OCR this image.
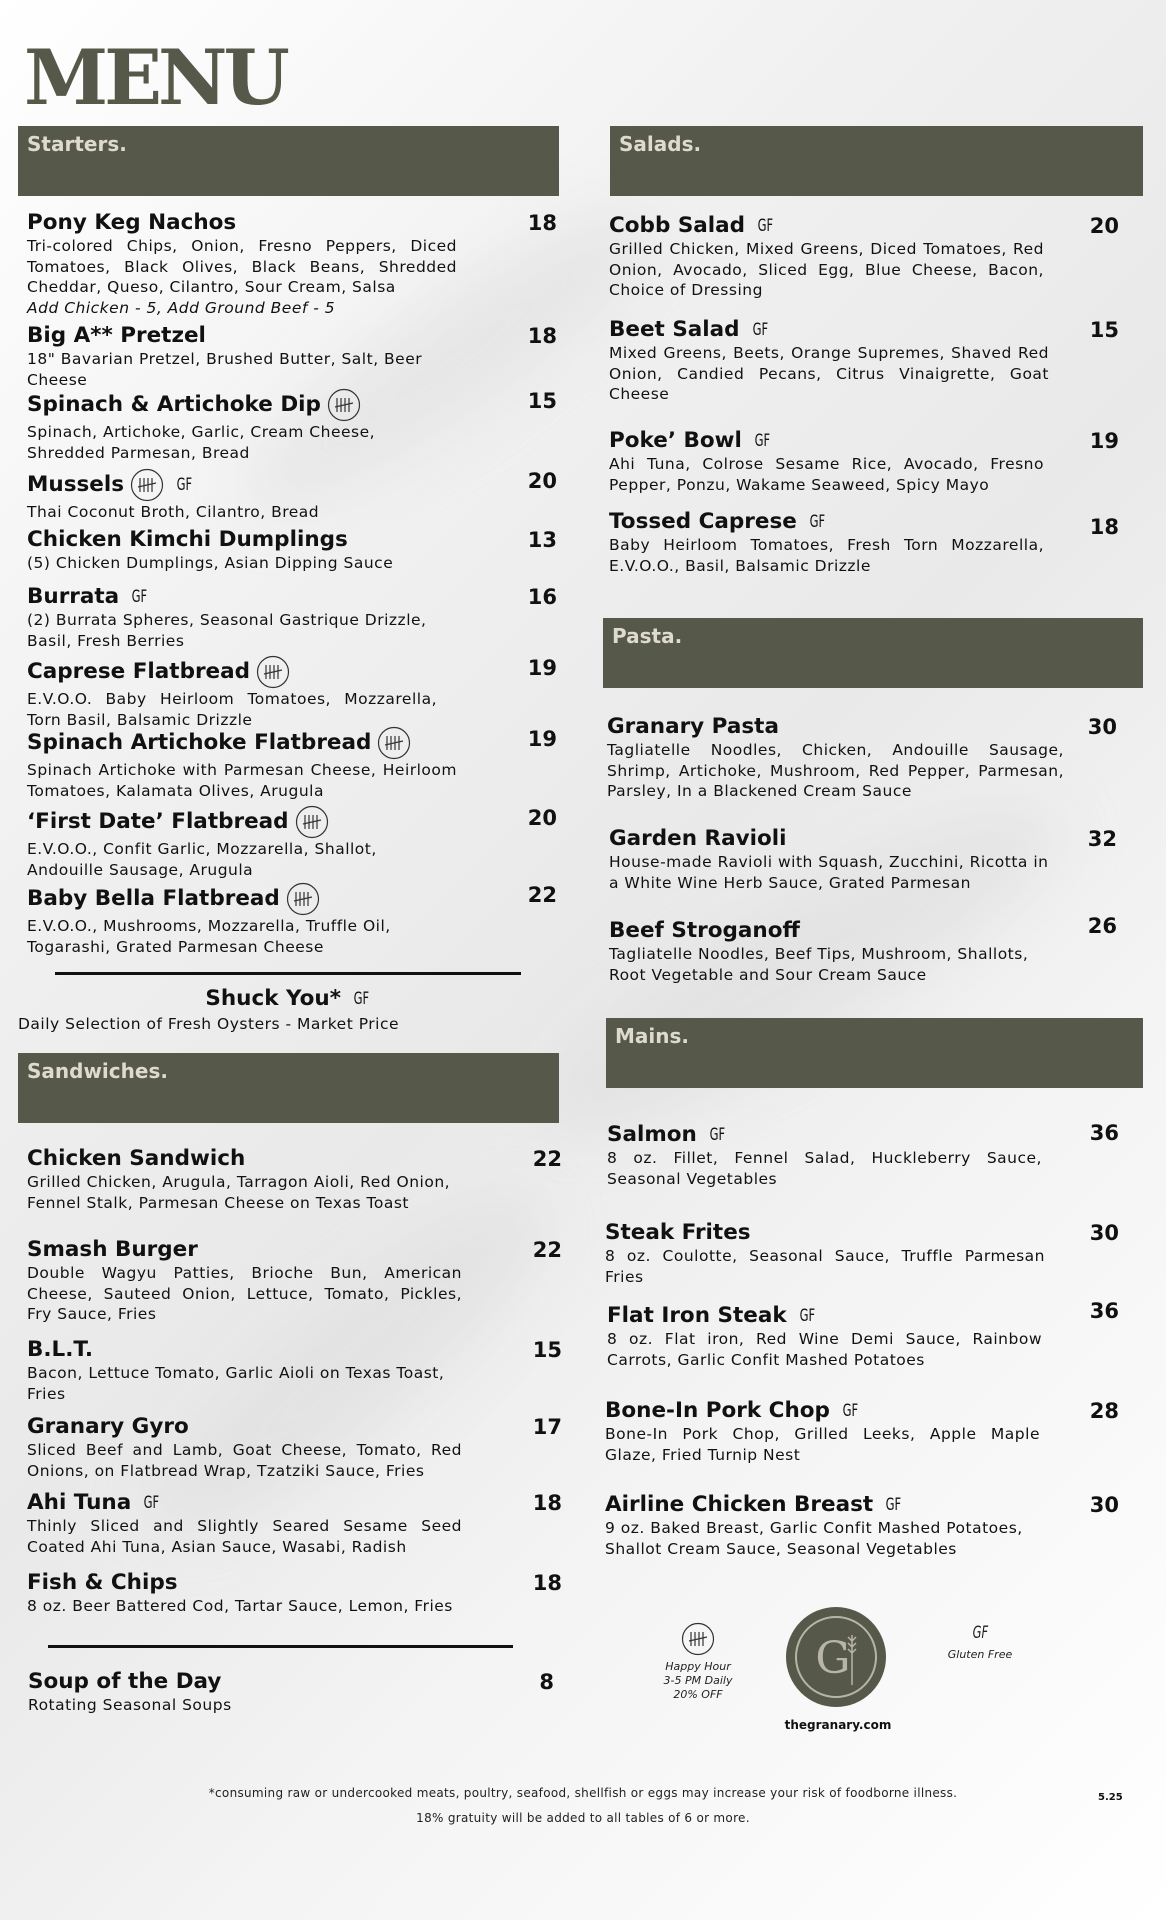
MENU
Starters.	Salads.
Pasta.
Mains.
Sandwiches.
Pony Keg Nachos	18
Tri-colored Chips, Onion, Fresno Peppers, Diced Tomatoes, Black Olives, Black Beans, Shredded Cheddar, Queso, Cilantro, Sour Cream, Salsa
Add Chicken - 5, Add Ground Beef - 5
Big A** Pretzel	18
18" Bavarian Pretzel, Brushed Butter, Salt, Beer Cheese
Spinach & Artichoke Dip	15
Spinach, Artichoke, Garlic, Cream Cheese, Shredded Parmesan, Bread
Mussels	GF	20
Thai Coconut Broth, Cilantro, Bread
Chicken Kimchi Dumplings	13
(5) Chicken Dumplings, Asian Dipping Sauce
Burrata GF	16
(2) Burrata Spheres, Seasonal Gastrique Drizzle, Basil, Fresh Berries
Caprese Flatbread	19
E.V.O.O. Baby Heirloom Tomatoes, Mozzarella, Torn Basil, Balsamic Drizzle
Spinach Artichoke Flatbread	19
Spinach Artichoke with Parmesan Cheese, Heirloom Tomatoes, Kalamata Olives, Arugula
‘First Date’ Flatbread	20
E.V.O.O., Confit Garlic, Mozzarella, Shallot, Andouille Sausage, Arugula
Baby Bella Flatbread	22
E.V.O.O., Mushrooms, Mozzarella, Truffle Oil, Togarashi, Grated Parmesan Cheese
Shuck You* GF
Daily Selection of Fresh Oysters - Market Price
Chicken Sandwich	22
Grilled Chicken, Arugula, Tarragon Aioli, Red Onion, Fennel Stalk, Parmesan Cheese on Texas Toast
Smash Burger	22
Double Wagyu Patties, Brioche Bun, American Cheese, Sauteed Onion, Lettuce, Tomato, Pickles, Fry Sauce, Fries
B.L.T.	15
Bacon, Lettuce Tomato, Garlic Aioli on Texas Toast, Fries
Granary Gyro	17
Sliced Beef and Lamb, Goat Cheese, Tomato, Red Onions, on Flatbread Wrap, Tzatziki Sauce, Fries
Ahi Tuna GF	18
Thinly Sliced and Slightly Seared Sesame Seed Coated Ahi Tuna, Asian Sauce, Wasabi, Radish
Fish & Chips	18
8 oz. Beer Battered Cod, Tartar Sauce, Lemon, Fries
Soup of the Day	8
Rotating Seasonal Soups
Cobb Salad GF	20
Grilled Chicken, Mixed Greens, Diced Tomatoes, Red Onion, Avocado, Sliced Egg, Blue Cheese, Bacon, Choice of Dressing
Beet Salad GF	15
Mixed Greens, Beets, Orange Supremes, Shaved Red Onion, Candied Pecans, Citrus Vinaigrette, Goat Cheese
Poke’ Bowl GF	19
Ahi Tuna, Colrose Sesame Rice, Avocado, Fresno Pepper, Ponzu, Wakame Seaweed, Spicy Mayo
Tossed Caprese GF	18
Baby Heirloom Tomatoes, Fresh Torn Mozzarella, E.V.O.O., Basil, Balsamic Drizzle
Granary Pasta	30
Tagliatelle Noodles, Chicken, Andouille Sausage, Shrimp, Artichoke, Mushroom, Red Pepper, Parmesan, Parsley, In a Blackened Cream Sauce
Garden Ravioli	32
House-made Ravioli with Squash, Zucchini, Ricotta in a White Wine Herb Sauce, Grated Parmesan
Beef Stroganoff	26
Tagliatelle Noodles, Beef Tips, Mushroom, Shallots, Root Vegetable and Sour Cream Sauce
Salmon GF	36
8 oz. Fillet, Fennel Salad, Huckleberry Sauce, Seasonal Vegetables
Steak Frites	30
8 oz. Coulotte, Seasonal Sauce, Truffle Parmesan Fries
Flat Iron Steak GF	36
8 oz. Flat iron, Red Wine Demi Sauce, Rainbow Carrots, Garlic Confit Mashed Potatoes
Bone-In Pork Chop GF	28
Bone-In Pork Chop, Grilled Leeks, Apple Maple Glaze, Fried Turnip Nest
Airline Chicken Breast GF	30
9 oz. Baked Breast, Garlic Confit Mashed Potatoes, Shallot Cream Sauce, Seasonal Vegetables
Happy Hour
3-5 PM Daily
20% OFF
G
thegranary.com
GF
Gluten Free
*consuming raw or undercooked meats, poultry, seafood, shellfish or eggs may increase your risk of foodborne illness.
18% gratuity will be added to all tables of 6 or more.
5.25
